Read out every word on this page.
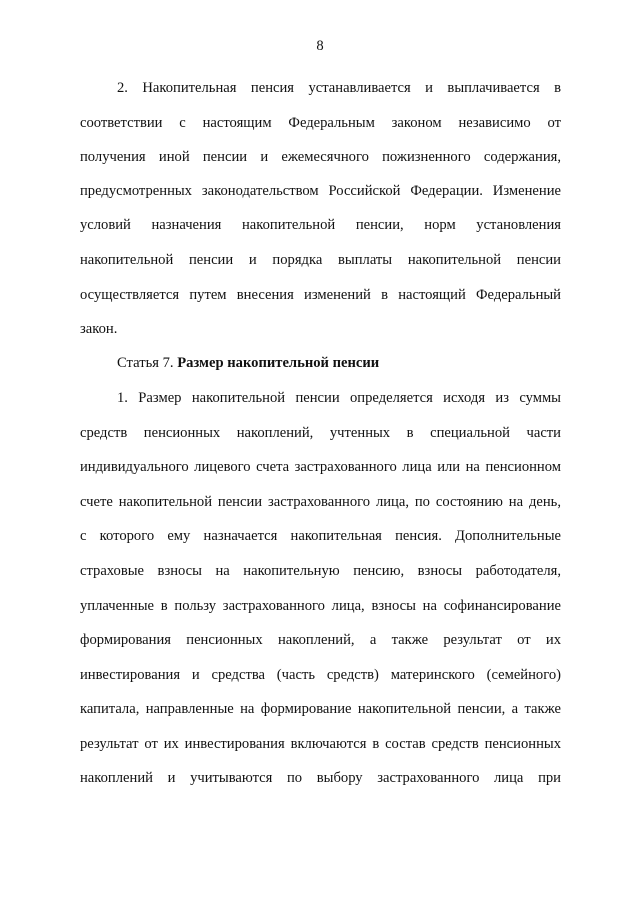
8
2. Накопительная пенсия устанавливается и выплачивается в
соответствии с настоящим Федеральным законом независимо от
получения иной пенсии и ежемесячного пожизненного содержания,
предусмотренных законодательством Российской Федерации. Изменение
условий назначения накопительной пенсии, норм установления
накопительной пенсии и порядка выплаты накопительной пенсии
осуществляется путем внесения изменений в настоящий Федеральный
закон.
Статья 7. Размер накопительной пенсии
1. Размер накопительной пенсии определяется исходя из суммы
средств пенсионных накоплений, учтенных в специальной части
индивидуального лицевого счета застрахованного лица или на пенсионном
счете накопительной пенсии застрахованного лица, по состоянию на день,
с которого ему назначается накопительная пенсия. Дополнительные
страховые взносы на накопительную пенсию, взносы работодателя,
уплаченные в пользу застрахованного лица, взносы на софинансирование
формирования пенсионных накоплений, а также результат от их
инвестирования и средства (часть средств) материнского (семейного)
капитала, направленные на формирование накопительной пенсии, а также
результат от их инвестирования включаются в состав средств пенсионных
накоплений и учитываются по выбору застрахованного лица при
